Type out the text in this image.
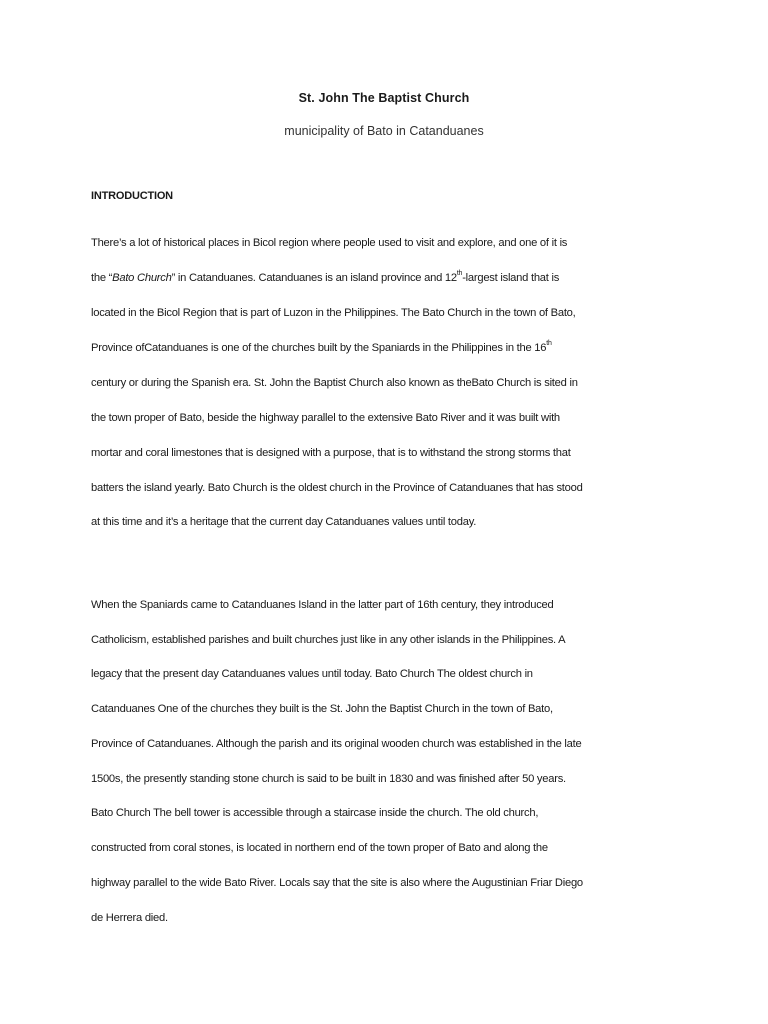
St. John The Baptist Church
municipality of Bato in Catanduanes
INTRODUCTION
There’s a lot of historical places in Bicol region where people used to visit and explore, and one of it is
the “Bato Church” in Catanduanes. Catanduanes is an island province and 12th-largest island that is
located in the Bicol Region that is part of Luzon in the Philippines. The Bato Church in the town of Bato,
Province ofCatanduanes is one of the churches built by the Spaniards in the Philippines in the 16th
century or during the Spanish era. St. John the Baptist Church also known as theBato Church is sited in
the town proper of Bato, beside the highway parallel to the extensive Bato River and it was built with
mortar and coral limestones that is designed with a purpose, that is to withstand the strong storms that
batters the island yearly. Bato Church is the oldest church in the Province of Catanduanes that has stood
at this time and it’s a heritage that the current day Catanduanes values until today.
When the Spaniards came to Catanduanes Island in the latter part of 16th century, they introduced
Catholicism, established parishes and built churches just like in any other islands in the Philippines. A
legacy that the present day Catanduanes values until today. Bato Church The oldest church in
Catanduanes One of the churches they built is the St. John the Baptist Church in the town of Bato,
Province of Catanduanes. Although the parish and its original wooden church was established in the late
1500s, the presently standing stone church is said to be built in 1830 and was finished after 50 years.
Bato Church The bell tower is accessible through a staircase inside the church. The old church,
constructed from coral stones, is located in northern end of the town proper of Bato and along the
highway parallel to the wide Bato River. Locals say that the site is also where the Augustinian Friar Diego
de Herrera died.
